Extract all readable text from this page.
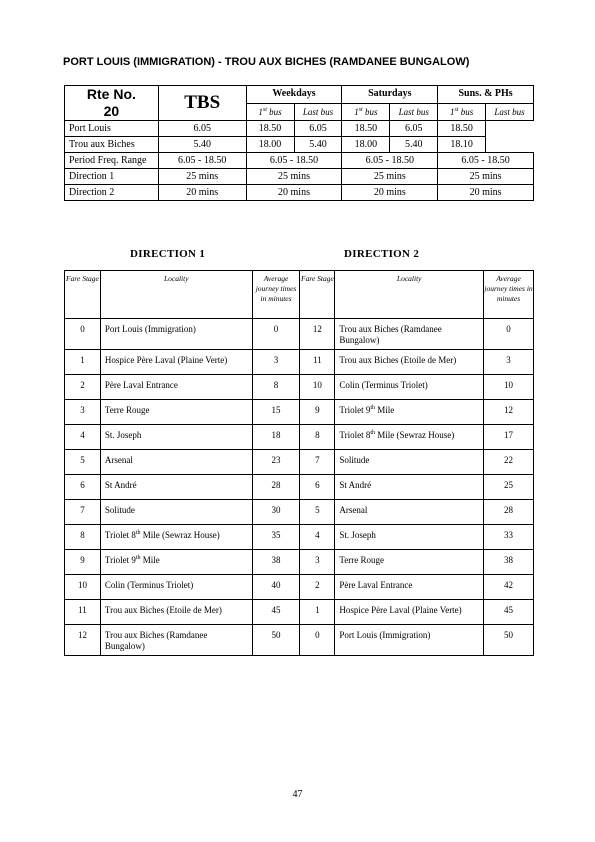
PORT LOUIS (IMMIGRATION) - TROU AUX BICHES (RAMDANEE BUNGALOW)
Rte No.
20	TBS	Weekdays		Saturdays		Suns. & PHs	
		1st bus	Last bus	1st bus	Last bus	1st bus	Last bus
Port Louis	6.05	18.50	6.05	18.50	6.05	18.50	
Trou aux Biches	5.40	18.00	5.40	18.00	5.40	18.10	
Period Freq. Range	6.05 - 18.50	6.05 - 18.50		6.05 - 18.50		6.05 - 18.50	
Direction 1	25 mins	25 mins		25 mins		25 mins	
Direction 2	20 mins	20 mins		20 mins		20 mins	
DIRECTION 1	DIRECTION 2
Fare Stage	Locality	Average journey times in minutes	Fare Stage	Locality	Average journey times in minutes
0	Port Louis (Immigration)	0	12	Trou aux Biches (Ramdanee Bungalow)	0
1	Hospice Père Laval (Plaine Verte)	3	11	Trou aux Biches (Etoile de Mer)	3
2	Père Laval Entrance	8	10	Colin (Terminus Triolet)	10
3	Terre Rouge	15	9	Triolet 9th Mile	12
4	St. Joseph	18	8	Triolet 8th Mile (Sewraz House)	17
5	Arsenal	23	7	Solitude	22
6	St André	28	6	St André	25
7	Solitude	30	5	Arsenal	28
8	Triolet 8th Mile (Sewraz House)	35	4	St. Joseph	33
9	Triolet 9th Mile	38	3	Terre Rouge	38
10	Colin (Terminus Triolet)	40	2	Père Laval Entrance	42
11	Trou aux Biches (Etoile de Mer)	45	1	Hospice Père Laval (Plaine Verte)	45
12	Trou aux Biches (Ramdanee Bungalow)	50	0	Port Louis (Immigration)	50
47
